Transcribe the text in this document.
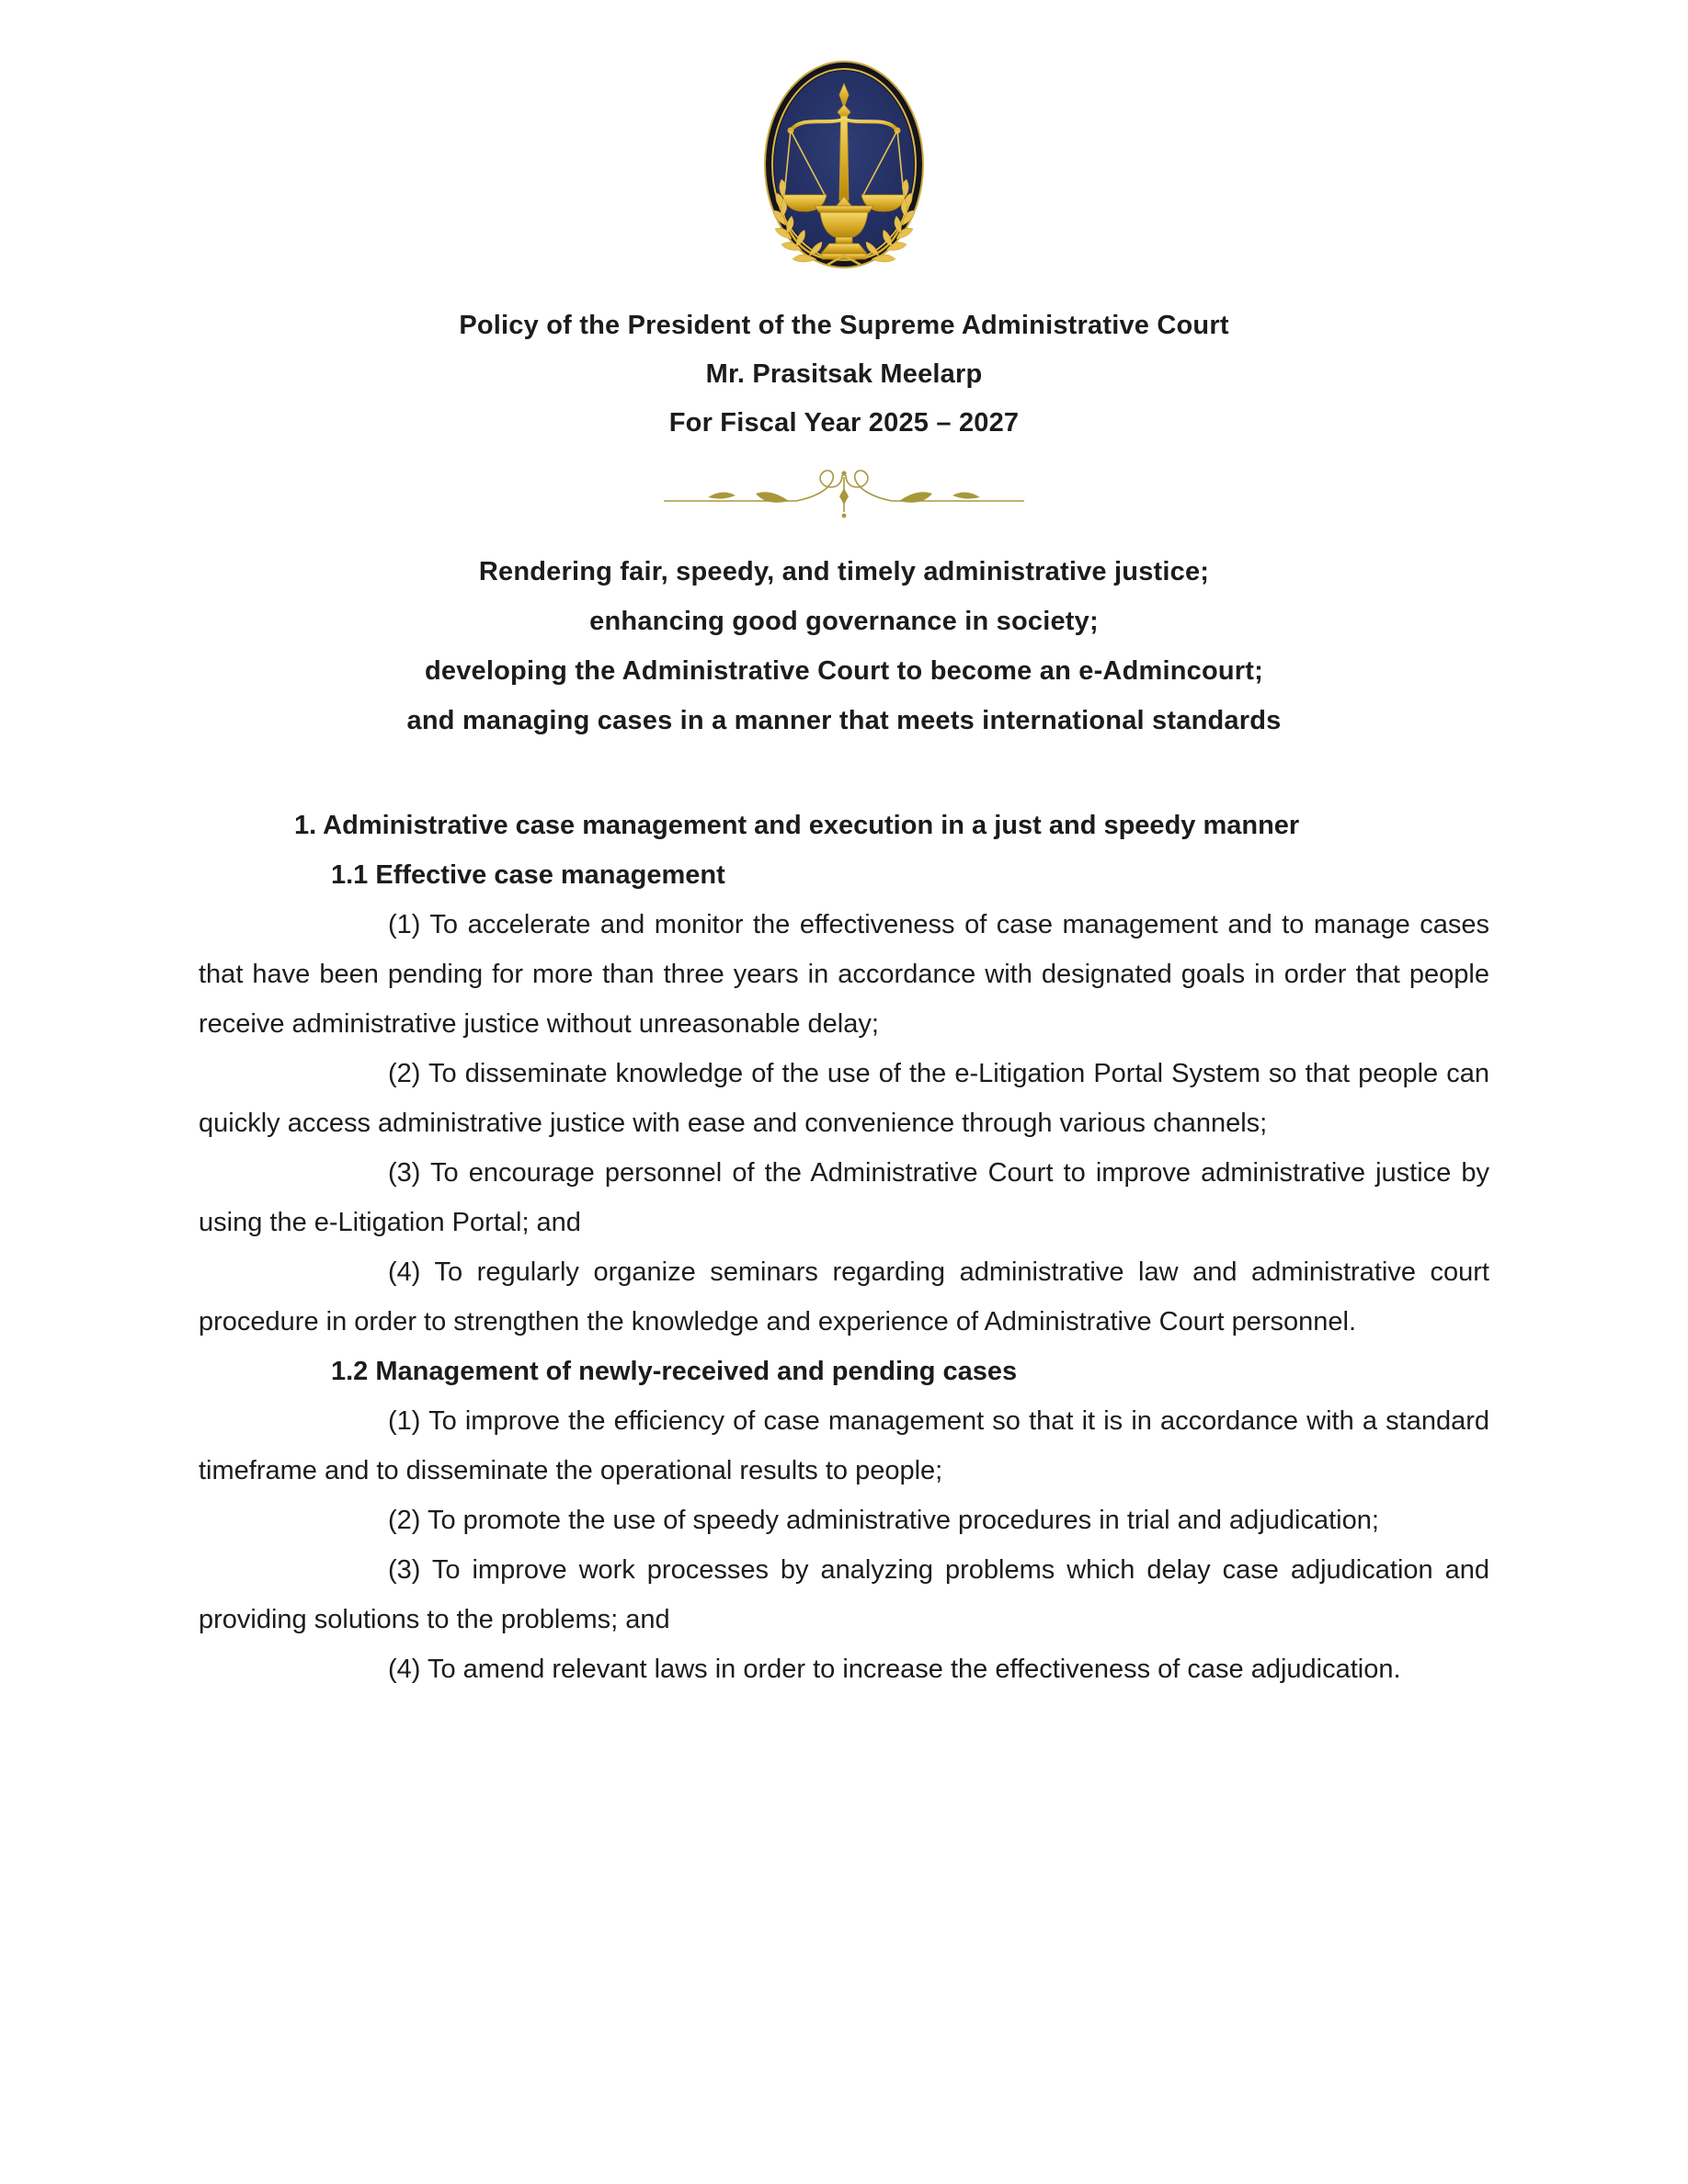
Policy of the President of the Supreme Administrative Court
Mr. Prasitsak Meelarp
For Fiscal Year 2025 – 2027
Rendering fair, speedy, and timely administrative justice;
enhancing good governance in society;
developing the Administrative Court to become an e-Admincourt;
and managing cases in a manner that meets international standards
1. Administrative case management and execution in a just and speedy manner
1.1 Effective case management

(1) To accelerate and monitor the effectiveness of case management and to manage cases that have been pending for more than three years in accordance with designated goals in order that people receive administrative justice without unreasonable delay;

(2) To disseminate knowledge of the use of the e-Litigation Portal System so that people can quickly access administrative justice with ease and convenience through various channels;

(3) To encourage personnel of the Administrative Court to improve administrative justice by using the e-Litigation Portal; and

(4) To regularly organize seminars regarding administrative law and administrative court procedure in order to strengthen the knowledge and experience of Administrative Court personnel.

1.2 Management of newly-received and pending cases

(1) To improve the efficiency of case management so that it is in accordance with a standard timeframe and to disseminate the operational results to people;

(2) To promote the use of speedy administrative procedures in trial and adjudication;

(3) To improve work processes by analyzing problems which delay case adjudication and providing solutions to the problems; and

(4) To amend relevant laws in order to increase the effectiveness of case adjudication.
